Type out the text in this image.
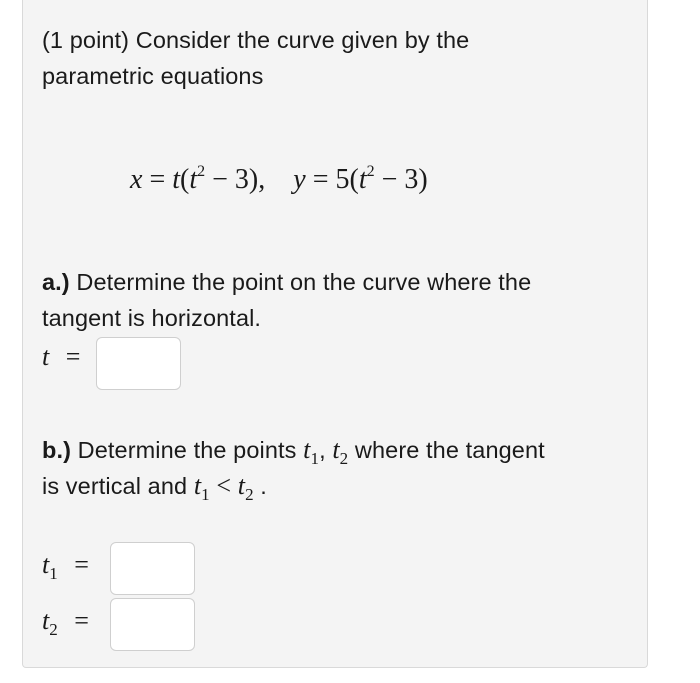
(1 point) Consider the curve given by the
parametric equations
$x = t(t^2 - 3)$,    $y = 5(t^2 - 3)$
a.) Determine the point on the curve where the
tangent is horizontal.
t =
b.) Determine the points $t_1$, $t_2$ where the tangent
is vertical and $t_1 < t_2$ .
$t_1$ =
$t_2$ =
